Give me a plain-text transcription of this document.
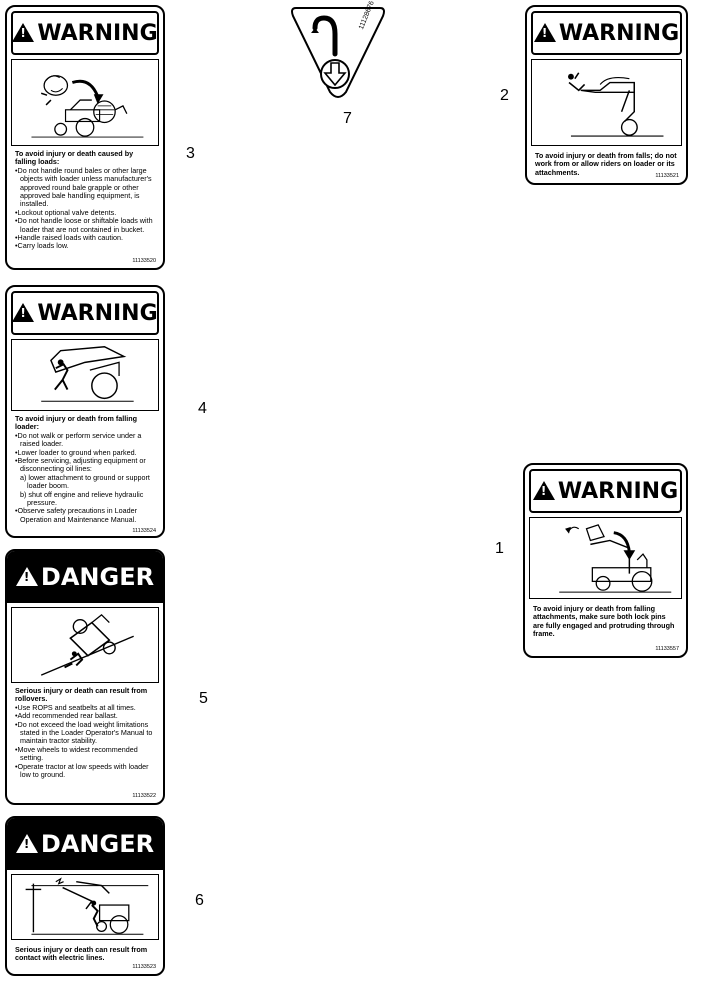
!
WARNING
To avoid injury or death caused by falling loads:
•Do not handle round bales or other large objects with loader unless manufacturer's approved round bale grapple or other approved bale handling equipment, is installed.
•Lockout optional valve detents.
•Do not handle loose or shiftable loads with loader that are not contained in bucket.
•Handle raised loads with caution.
•Carry loads low.
11133520
3
11128676
7
!
WARNING
To avoid injury or death from falls; do not work from or allow riders on loader or its attachments.	11133521
2
!
WARNING
To avoid injury or death from falling loader:
•Do not walk or perform service under a raised loader.
•Lower loader to ground when parked.
•Before servicing, adjusting equipment or disconnecting oil lines:
a) lower attachment to ground or support loader boom.
b) shut off engine and relieve hydraulic pressure.
•Observe safety precautions in Loader Operation and Maintenance Manual.
11133524
4
!
WARNING
To avoid injury or death from falling attachments, make sure both lock pins are fully engaged and protruding through frame.
11133557
1
!
DANGER
Serious injury or death can result from rollovers.
•Use ROPS and seatbelts at all times.
•Add recommended rear ballast.
•Do not exceed the load weight limitations stated in the Loader Operator's Manual to maintain tractor stability.
•Move wheels to widest recommended setting.
•Operate tractor at low speeds with loader low to ground.
11133522
5
!
DANGER
Serious injury or death can result from contact with electric lines.
11133523
6
